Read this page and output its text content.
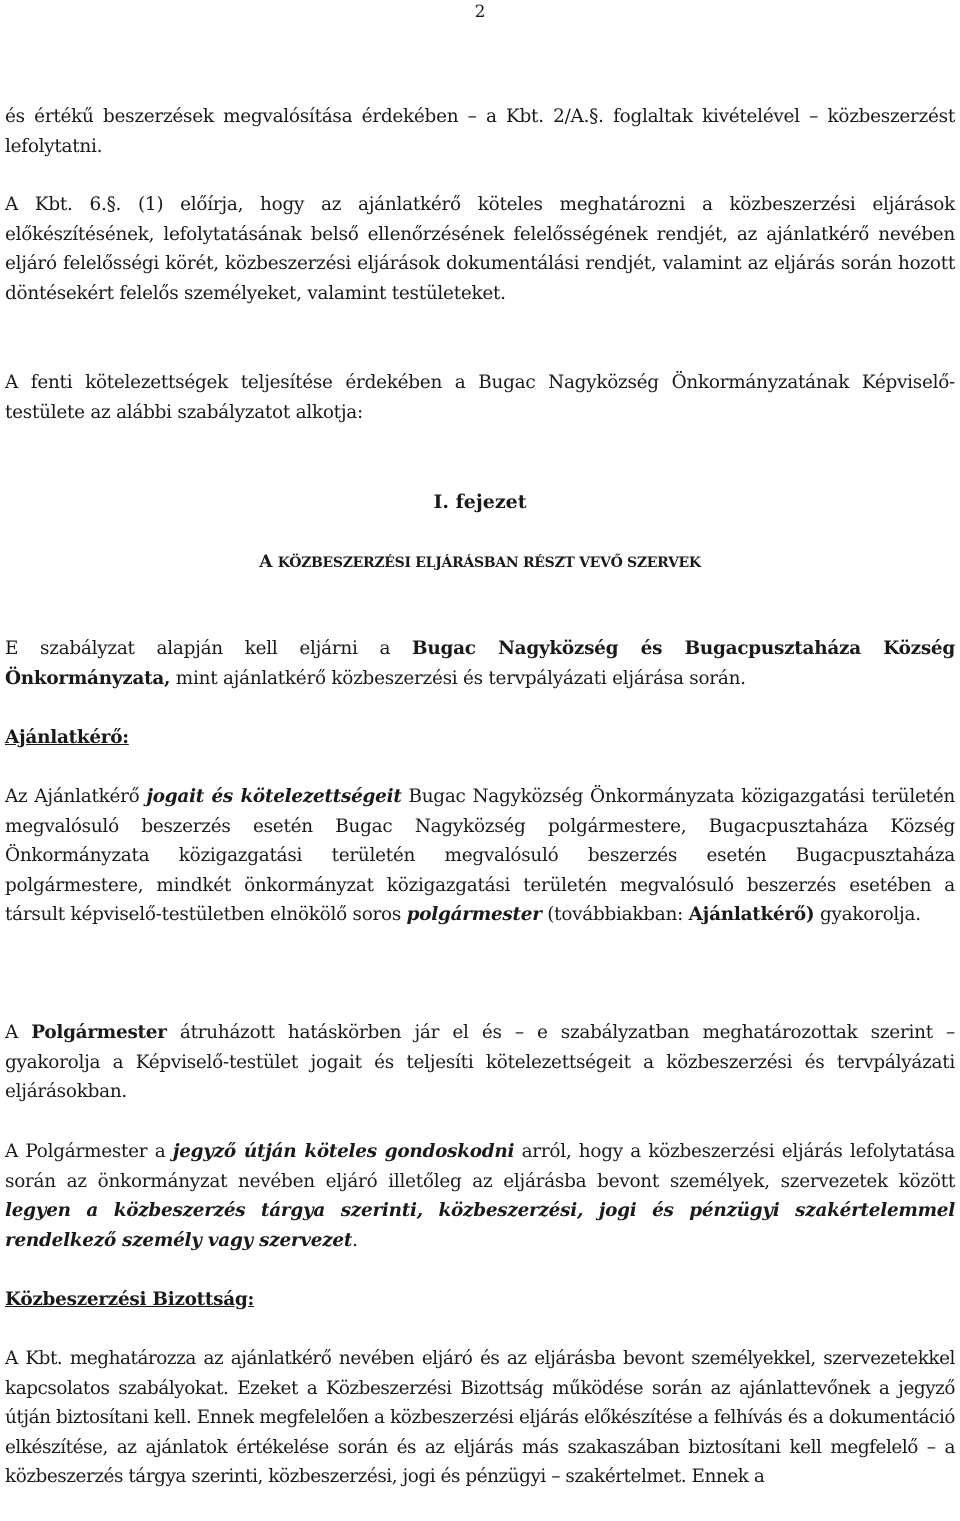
2
és értékű beszerzések megvalósítása érdekében – a Kbt. 2/A.§. foglaltak kivételével – közbeszerzést lefolytatni.
A Kbt. 6.§. (1) előírja, hogy az ajánlatkérő köteles meghatározni a közbeszerzési eljárások előkészítésének, lefolytatásának belső ellenőrzésének felelősségének rendjét, az ajánlatkérő nevében eljáró felelősségi körét, közbeszerzési eljárások dokumentálási rendjét, valamint az eljárás során hozott döntésekért felelős személyeket, valamint testületeket.
A fenti kötelezettségek teljesítése érdekében a Bugac Nagyközség Önkormányzatának Képviselő-testülete az alábbi szabályzatot alkotja:
I. fejezet
A KÖZBESZERZÉSI ELJÁRÁSBAN RÉSZT VEVŐ SZERVEK
E szabályzat alapján kell eljárni a Bugac Nagyközség és Bugacpusztaháza Község Önkormányzata, mint ajánlatkérő közbeszerzési és tervpályázati eljárása során.
Ajánlatkérő:
Az Ajánlatkérő jogait és kötelezettségeit Bugac Nagyközség Önkormányzata közigazgatási területén megvalósuló beszerzés esetén Bugac Nagyközség polgármestere, Bugacpusztaháza Község Önkormányzata közigazgatási területén megvalósuló beszerzés esetén Bugacpusztaháza polgármestere, mindkét önkormányzat közigazgatási területén megvalósuló beszerzés esetében a társult képviselő-testületben elnökölő soros polgármester (továbbiakban: Ajánlatkérő) gyakorolja.
A Polgármester átruházott hatáskörben jár el és – e szabályzatban meghatározottak szerint – gyakorolja a Képviselő-testület jogait és teljesíti kötelezettségeit a közbeszerzési és tervpályázati eljárásokban.
A Polgármester a jegyző útján köteles gondoskodni arról, hogy a közbeszerzési eljárás lefolytatása során az önkormányzat nevében eljáró illetőleg az eljárásba bevont személyek, szervezetek között legyen a közbeszerzés tárgya szerinti, közbeszerzési, jogi és pénzügyi szakértelemmel rendelkező személy vagy szervezet.
Közbeszerzési Bizottság:
A Kbt. meghatározza az ajánlatkérő nevében eljáró és az eljárásba bevont személyekkel, szervezetekkel kapcsolatos szabályokat. Ezeket a Közbeszerzési Bizottság működése során az ajánlattevőnek a jegyző útján biztosítani kell. Ennek megfelelően a közbeszerzési eljárás előkészítése a felhívás és a dokumentáció elkészítése, az ajánlatok értékelése során és az eljárás más szakaszában biztosítani kell megfelelő – a közbeszerzés tárgya szerinti, közbeszerzési, jogi és pénzügyi – szakértelmet. Ennek a
